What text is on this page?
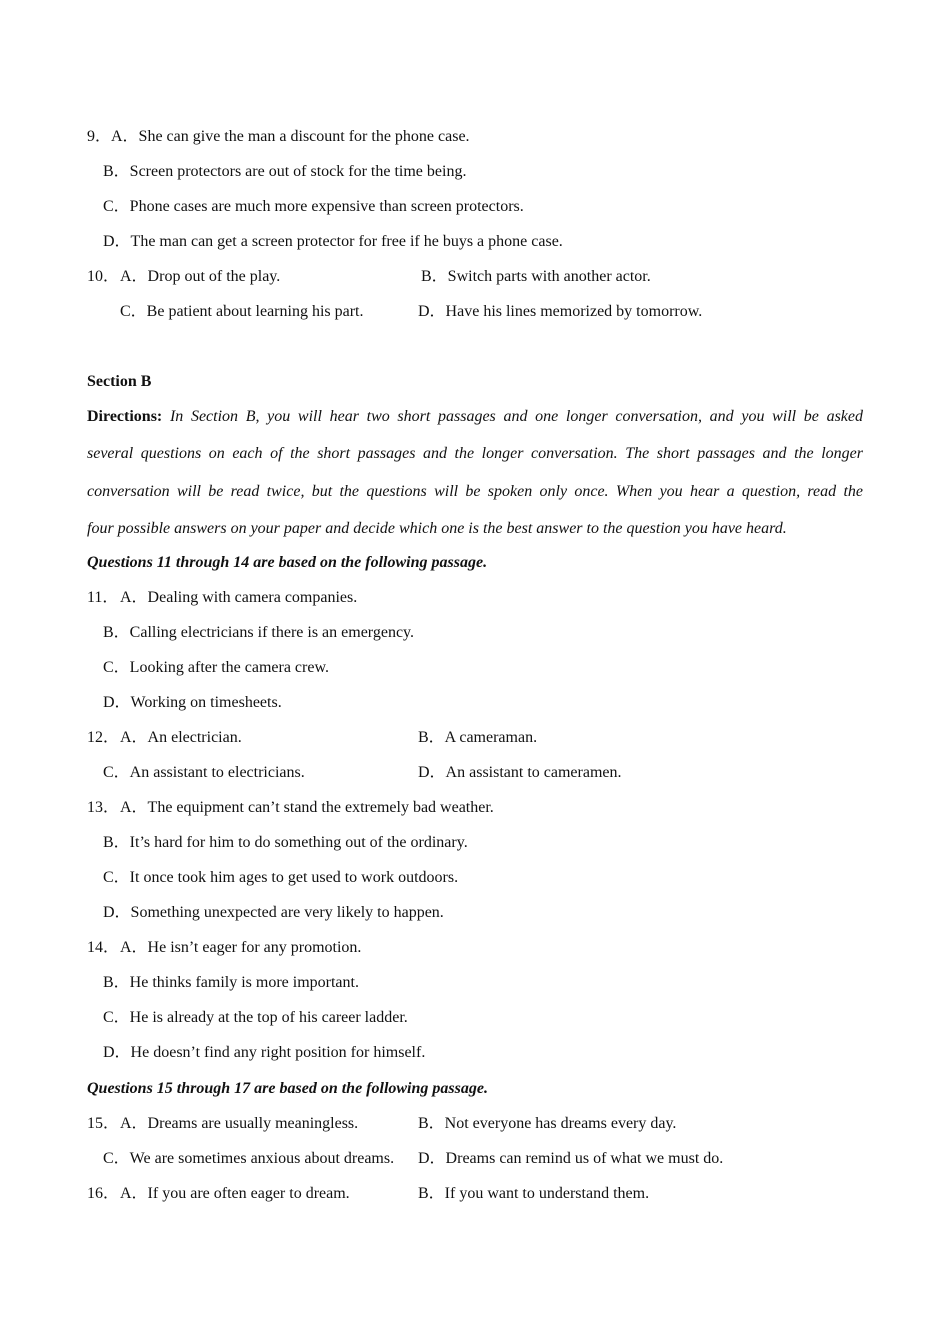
9． A．She can give the man a discount for the phone case.
B．Screen protectors are out of stock for the time being.
C．Phone cases are much more expensive than screen protectors.
D．The man can get a screen protector for free if he buys a phone case.
10． A．Drop out of the play.	B．Switch parts with another actor.
C．Be patient about learning his part.	D．Have his lines memorized by tomorrow.
Section B
Directions: In Section B, you will hear two short passages and one longer conversation, and you will be asked
several questions on each of the short passages and the longer conversation. The short passages and the longer
conversation will be read twice, but the questions will be spoken only once. When you hear a question, read the
four possible answers on your paper and decide which one is the best answer to the question you have heard.
Questions 11 through 14 are based on the following passage.
11． A．Dealing with camera companies.
B．Calling electricians if there is an emergency.
C．Looking after the camera crew.
D．Working on timesheets.
12． A．An electrician.	B．A cameraman.
C．An assistant to electricians.	D．An assistant to cameramen.
13． A．The equipment can’t stand the extremely bad weather.
B．It’s hard for him to do something out of the ordinary.
C．It once took him ages to get used to work outdoors.
D．Something unexpected are very likely to happen.
14． A．He isn’t eager for any promotion.
B．He thinks family is more important.
C．He is already at the top of his career ladder.
D．He doesn’t find any right position for himself.
Questions 15 through 17 are based on the following passage.
15． A．Dreams are usually meaningless.	B．Not everyone has dreams every day.
C．We are sometimes anxious about dreams. D．Dreams can remind us of what we must do.
16． A．If you are often eager to dream.	B．If you want to understand them.
